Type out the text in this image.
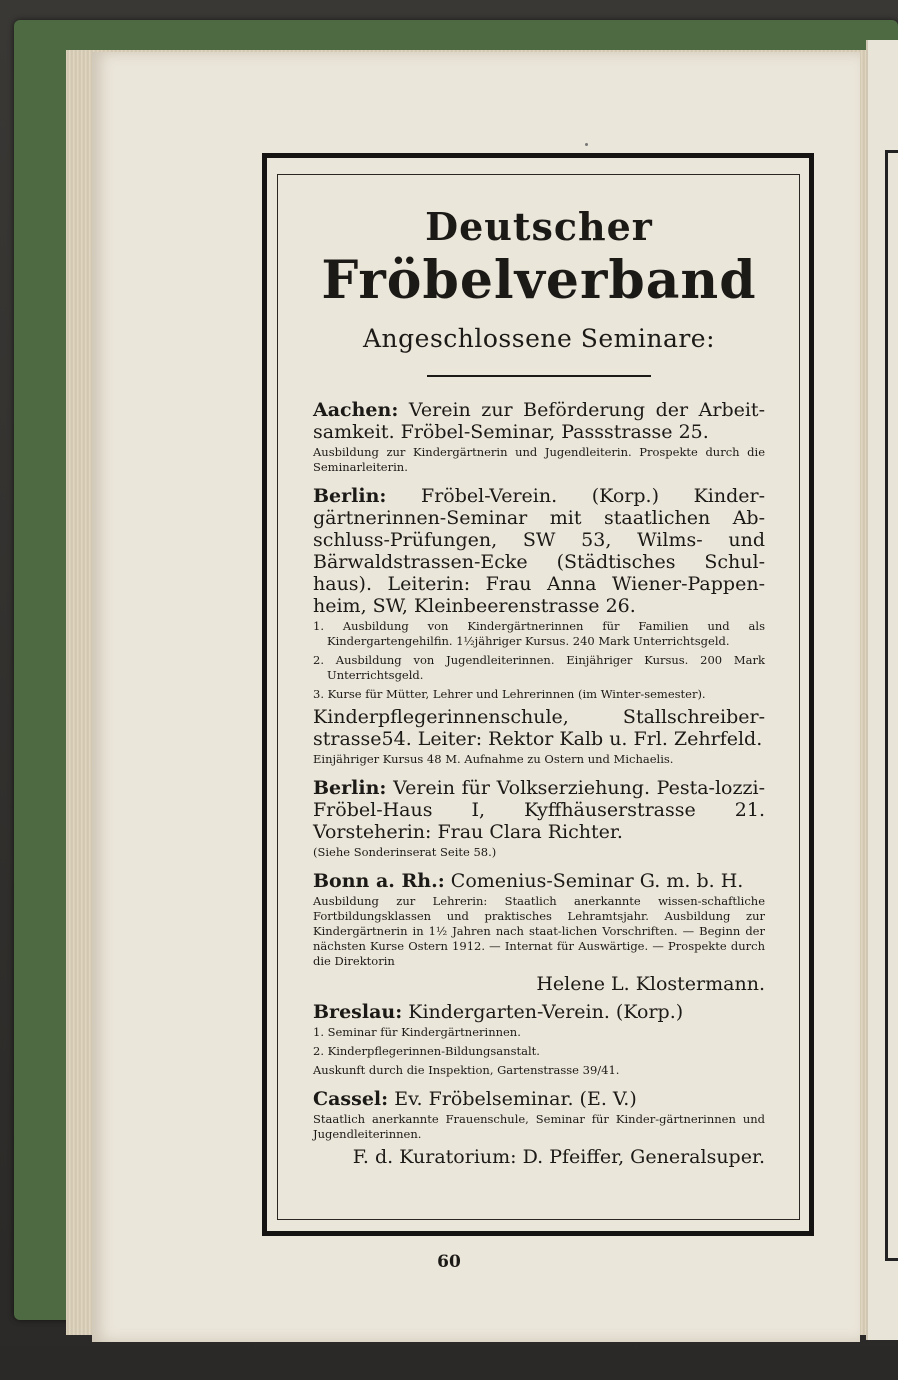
Deutscher

Fröbelverband

Angeschlossene Seminare:

Aachen: Verein zur Beförderung der Arbeit-samkeit. Fröbel-Seminar, Passstrasse 25.

Ausbildung zur Kindergärtnerin und Jugendleiterin. Prospekte durch die Seminarleiterin.

Berlin: Fröbel-Verein. (Korp.) Kinder-gärtnerinnen-Seminar mit staatlichen Ab-schluss-Prüfungen, SW 53, Wilms- und Bärwaldstrassen-Ecke (Städtisches Schul-haus). Leiterin: Frau Anna Wiener-Pappen-heim, SW, Kleinbeerenstrasse 26.

1. Ausbildung von Kindergärtnerinnen für Familien und als Kindergartengehilfin. 1½jähriger Kursus. 240 Mark Unterrichtsgeld.

2. Ausbildung von Jugendleiterinnen. Einjähriger Kursus. 200 Mark Unterrichtsgeld.

3. Kurse für Mütter, Lehrer und Lehrerinnen (im Winter-semester).

Kinderpflegerinnenschule, Stallschreiber-strasse54. Leiter: Rektor Kalb u. Frl. Zehrfeld.

Einjähriger Kursus 48 M. Aufnahme zu Ostern und Michaelis.

Berlin: Verein für Volkserziehung. Pesta-lozzi-Fröbel-Haus I, Kyffhäuserstrasse 21. Vorsteherin: Frau Clara Richter.

(Siehe Sonderinserat Seite 58.)

Bonn a. Rh.: Comenius-Seminar G. m. b. H.

Ausbildung zur Lehrerin: Staatlich anerkannte wissen-schaftliche Fortbildungsklassen und praktisches Lehramtsjahr. Ausbildung zur Kindergärtnerin in 1½ Jahren nach staat-lichen Vorschriften. — Beginn der nächsten Kurse Ostern 1912. — Internat für Auswärtige. — Prospekte durch die Direktorin

Helene L. Klostermann.

Breslau: Kindergarten-Verein. (Korp.)

1. Seminar für Kindergärtnerinnen.

2. Kinderpflegerinnen-Bildungsanstalt.

Auskunft durch die Inspektion, Gartenstrasse 39/41.

Cassel: Ev. Fröbelseminar. (E. V.)

Staatlich anerkannte Frauenschule, Seminar für Kinder-gärtnerinnen und Jugendleiterinnen.

F. d. Kuratorium: D. Pfeiffer, Generalsuper.

60
